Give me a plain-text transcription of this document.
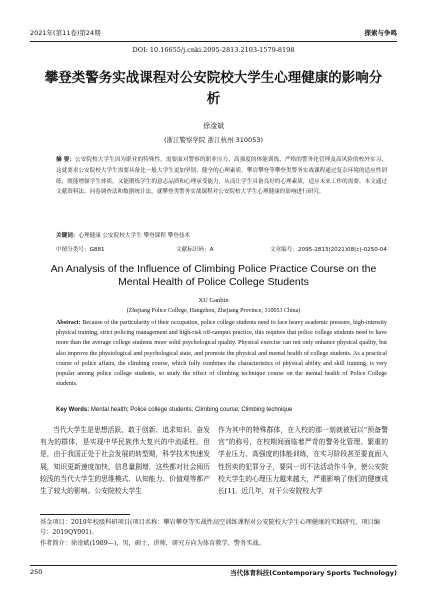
2021年(第11卷)第24期	探索与争鸣
DOI: 10.16655/j.cnki.2095-2813.2103-1579-8198
攀登类警务实战课程对公安院校大学生心理健康的影响分析
徐淦斌
(浙江警察学院 浙江杭州 310053)
摘 要：公安院校大学生因为职业的特殊性，需要面对警察的职业压力、高强度的体能训练、严格的警务化管理及高风险的校外实习，这就要求公安院校大学生需要具备比一般大学生更加坚韧、健全的心理素质。攀岩攀登等攀登类警务实战课程通过复杂环境的适应性训练，既能增强学生体质，又能锻炼学生的意志品质和心理承受能力，从而让学生具备良好的心理素质，适应未来工作的需要。本文通过文献资料法、问卷调查法和数据统计法，就攀登类警务实战课程对公安院校大学生心理健康的影响进行研究。
关键词：心理健康 公安院校大学生 攀登课程 攀登技术
中图分类号：G881	文献标识码：A	文章编号：2095-2813(2021)08(c)-0250-04
An Analysis of the Influence of Climbing Police Practice Course on the Mental Health of Police College Students
XU Ganbin
(Zhejiang Police College, Hangzhou, Zhejiang Province, 310053 China)
Abstract: Because of the particularity of their occupation, police college students need to face heavy academic pressure, high-intensity physical training, strict policing management and high-risk off-campus practice, this requires that police college students need to have more than the average college students more solid psychological quality. Physical exercise can not only enhance physical quality, but also improve the physiological and psychological state, and promote the physical and mental health of college students. As a practical course of police affairs, the climbing course, which fully combines the characteristics of physical ability and skill training, is very popular among police college students, so study the effect of climbing technique course on the mental health of Police College students.
Key Words: Mental health; Police college students; Climbing course; Climbing technique
当代大学生是思想活跃、敢于创新、追求知识、奋发有为的群体，是实现中华民族伟大复兴的中流砥柱。但是，由于我国正处于社会发展的转型期，科学技术快速发展，知识更新速度加快，信息量剧增，这些都对社会阅历较浅的当代大学生的思维模式、认知能力、价值观等都产生了较大的影响。公安院校大学生
作为其中的特殊群体，在入校的那一刻就被冠以“预备警官”的称号，在校期间面临着严苛的警务化管理、繁重的学业压力、高强度的体能训练，在实习阶段甚至要直面入性拐卖的犯罪分子，要同一切不法活动作斗争，使公安院校大学生的心理压力越来越大，严重影响了他们的健康成长[1]。近几年，对于公安院校大学
基金项目：2019年校级科研项目(项目名称：攀岩攀登等实战性高空训练课程对公安院校大学生心理健康的实践研究，项目编号：2019QY001)。
作者简介：徐淦斌(1989—)，男，硕士，讲师，研究方向为体育教学、警务实战。
250	当代体育科技(Contemporary Sports Technology)
